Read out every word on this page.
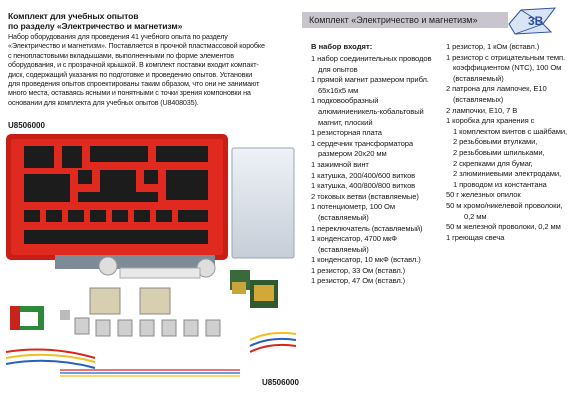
Комплект для учебных опытов
по разделу «Электричество и магнетизм»
Набор оборудования для проведения 41 учебного опыта по разделу
«Электричество и магнетизм». Поставляется в прочной пластмассовой коробке
с пенопластовыми вкладышами, выполненными по форме элементов
оборудования, и с прозрачной крышкой. В комплект поставки входит компакт-
диск, содержащий указания по подготовке и проведению опытов. Установки
для проведения опытов спроектированы таким образом, что они не занимают
много места, оставаясь ясными и понятными с точки зрения компоновки на
основании для комплекта для учебных опытов (U8408035).
U8506000
Комплект «Электричество и магнетизм»	3B
В набор входят:
1 набор соединительных проводов
для опытов
1 прямой магнит размером прибл.
65x16x5 мм
1 подковообразный
алюминиеникель-кобальтовый
магнит, плоский
1 резисторная плата
1 сердечник трансформатора
размером 20x20 мм
1 зажимной винт
1 катушка, 200/400/600 витков
1 катушка, 400/800/800 витков
2 токовых ветви (вставляемые)
1 потенциометр, 100 Ом
(вставляемый)
1 переключатель (вставляемый)
1 конденсатор, 4700 мкФ
(вставляемый)
1 конденсатор, 10 мкФ (вставл.)
1 резистор, 33 Ом (вставл.)
1 резистор, 47 Ом (вставл.)
1 резистор, 1 кОм (вставл.)
1 резистор с отрицательным темп.
коэффициентом (NTC), 100 Ом
(вставляемый)
2 патрона для лампочек, E10
(вставляемых)
2 лампочки, E10, 7 В
1 коробка для хранения с
1 комплектом винтов с шайбами,
2 резьбовыми втулками,
2 резьбовыми шпильками,
2 скрепками для бумаг,
2 злюминиевыми электродами,
1 проводом из константана
50 г железных опилок
50 м хромо/никелевой проволоки,
0,2 мм
50 м железной проволоки, 0,2 мм
1 греющая свеча
U8506000
